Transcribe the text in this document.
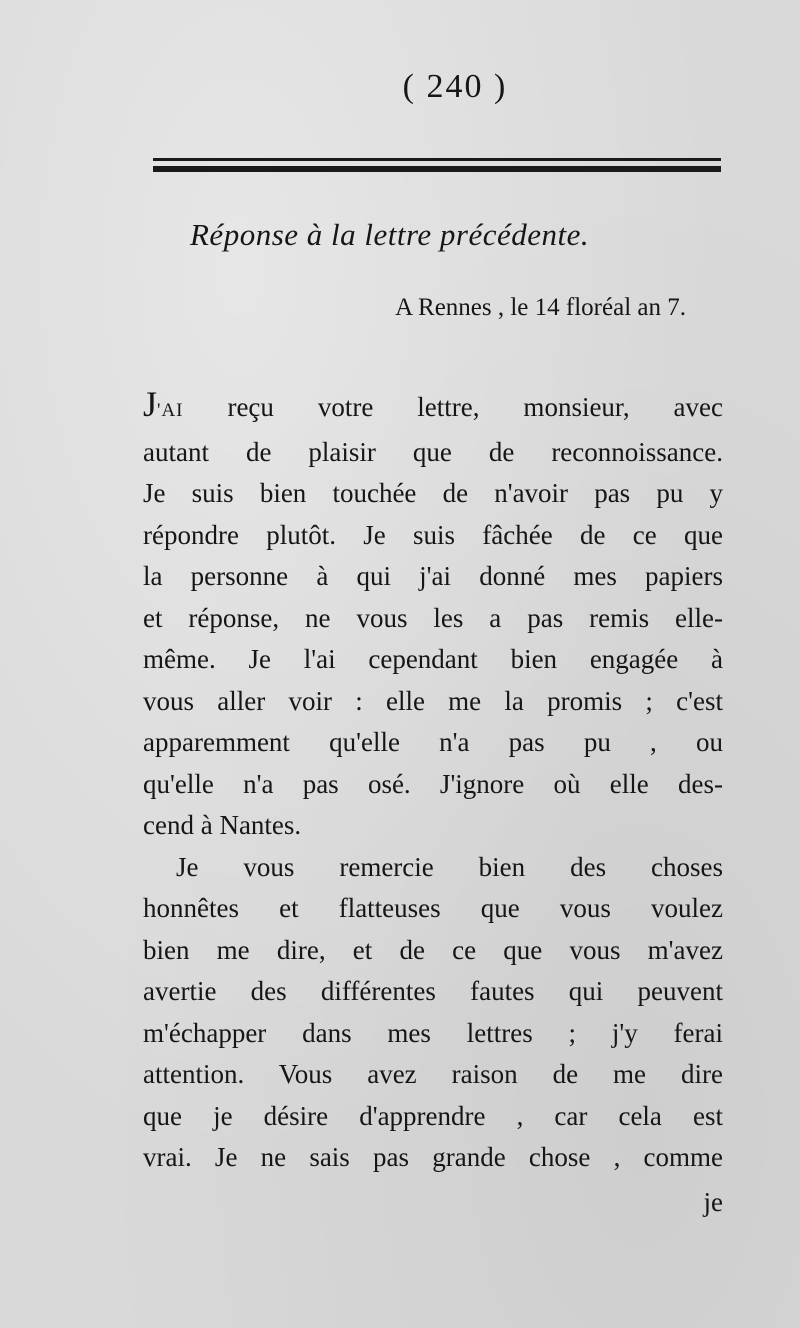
( 240 )
Réponse à la lettre précédente.
A Rennes , le 14 floréal an 7.
J'AI reçu votre lettre, monsieur, avec
autant de plaisir que de reconnoissance.
Je suis bien touchée de n'avoir pas pu y
répondre plutôt. Je suis fâchée de ce que
la personne à qui j'ai donné mes papiers
et réponse, ne vous les a pas remis elle-
même. Je l'ai cependant bien engagée à
vous aller voir : elle me la promis ; c'est
apparemment qu'elle n'a pas pu , ou
qu'elle n'a pas osé. J'ignore où elle des-
cend à Nantes.
Je vous remercie bien des choses
honnêtes et flatteuses que vous voulez
bien me dire, et de ce que vous m'avez
avertie des différentes fautes qui peuvent
m'échapper dans mes lettres ; j'y ferai
attention. Vous avez raison de me dire
que je désire d'apprendre , car cela est
vrai. Je ne sais pas grande chose , comme
je
